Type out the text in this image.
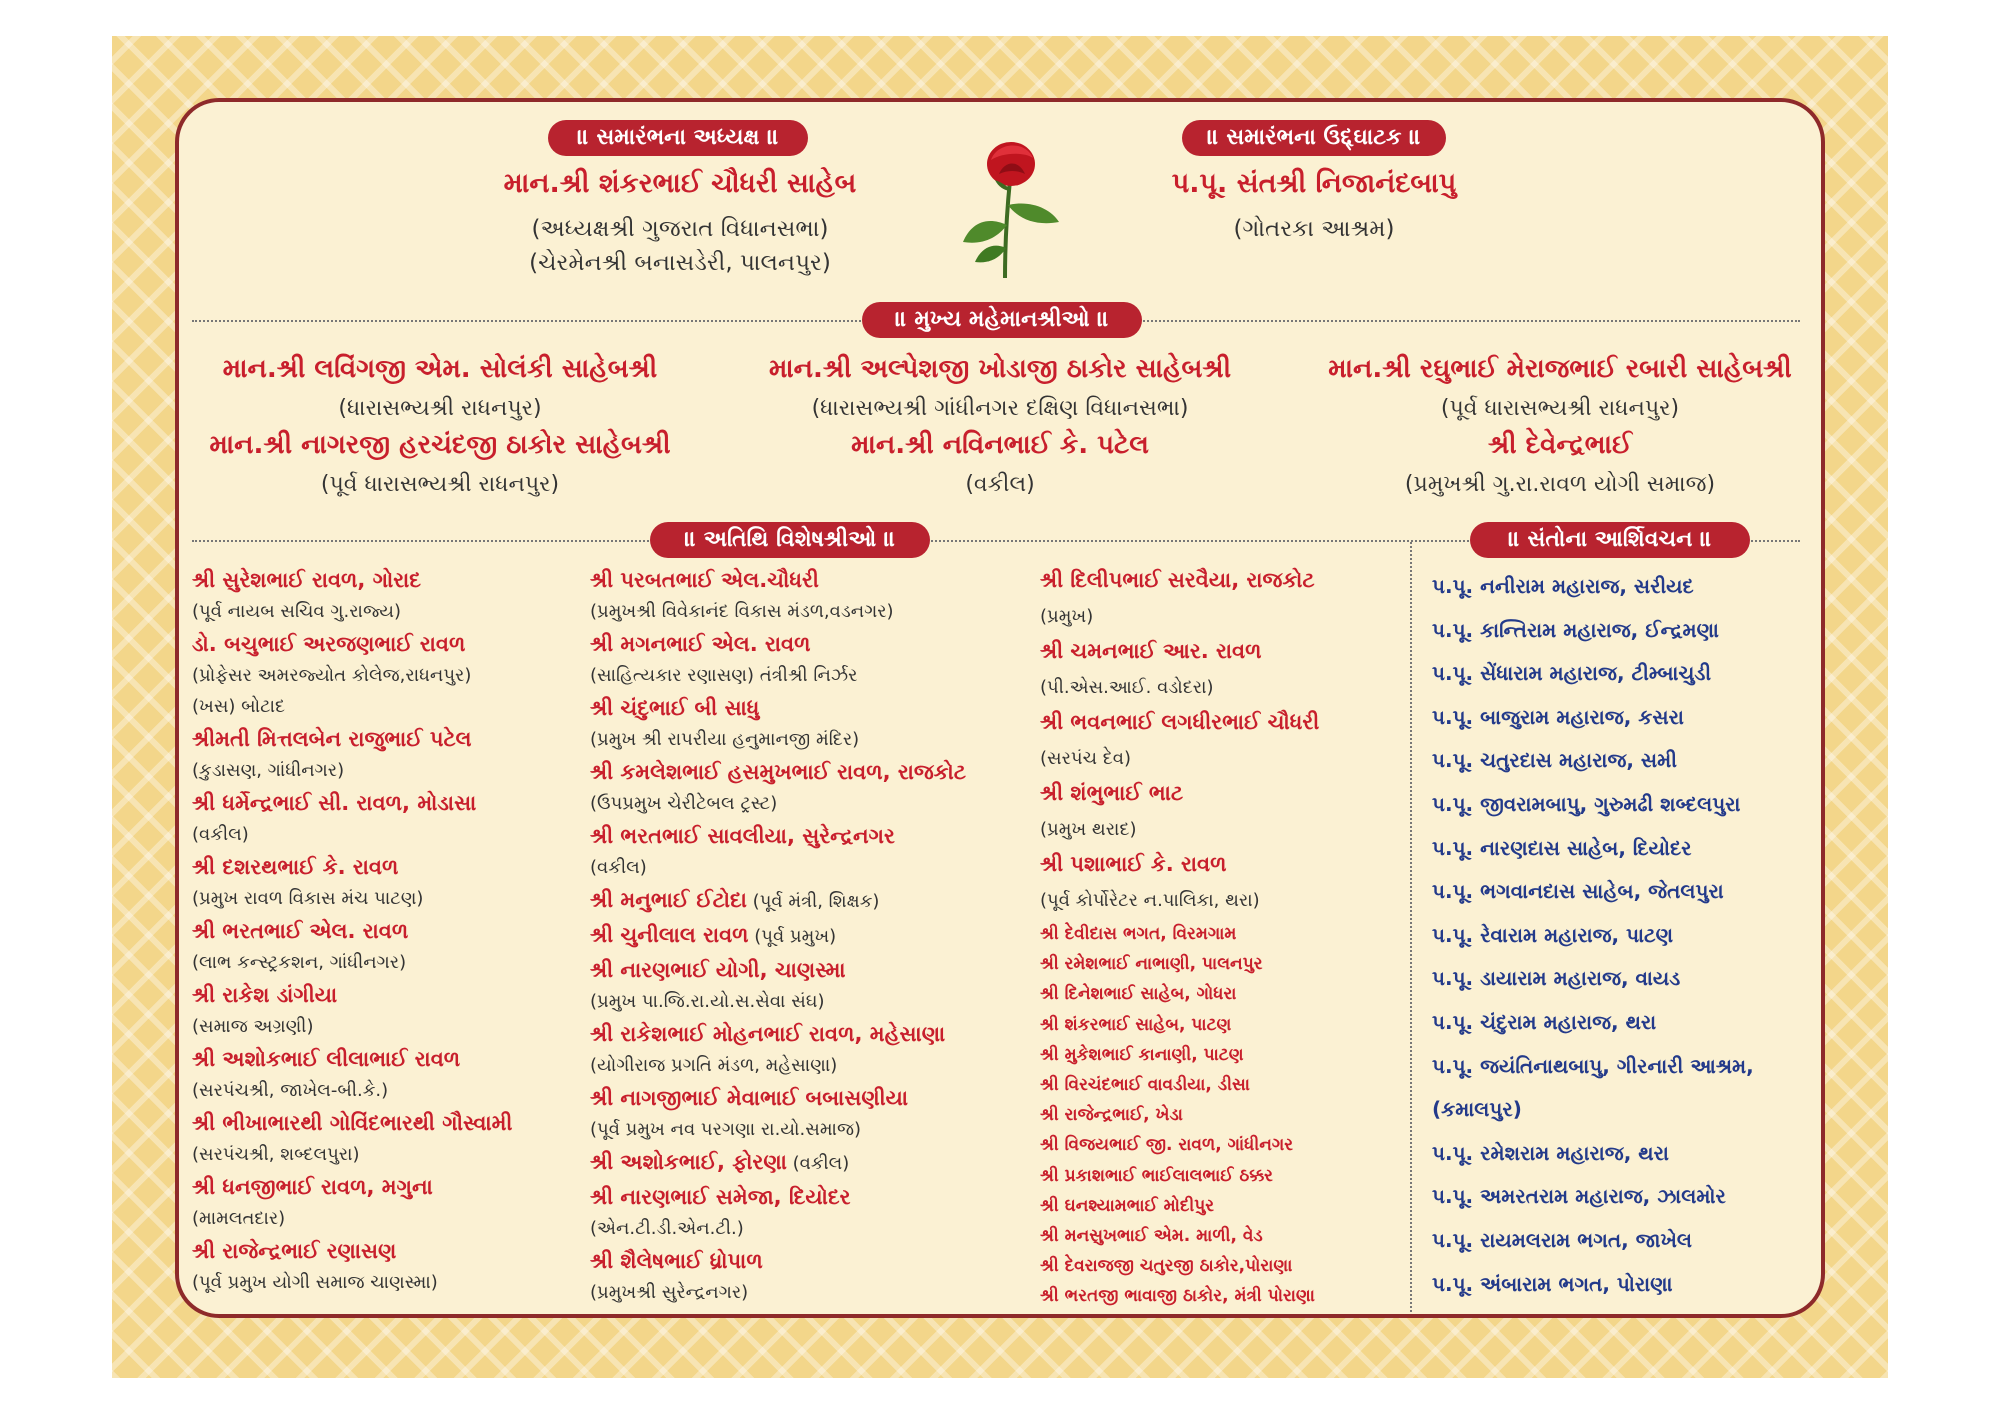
॥ સમારંભના અધ્યક્ષ ॥
માન.શ્રી શંકરભાઈ ચૌધરી સાહેબ
(અધ્યક્ષશ્રી ગુજરાત વિધાનસભા)
(ચેરમેનશ્રી બનાસડેરી, પાલનપુર)
॥ સમારંભના ઉદ્દ્ઘાટક ॥
પ.પૂ. સંતશ્રી નિજાનંદબાપુ
(ગોતરકા આશ્રમ)
॥ મુખ્ય મહેમાનશ્રીઓ ॥
માન.શ્રી લવિંગજી એમ. સોલંકી સાહેબશ્રી
(ધારાસભ્યશ્રી રાધનપુર)
માન.શ્રી અલ્પેશજી ખોડાજી ઠાકોર સાહેબશ્રી
(ધારાસભ્યશ્રી ગાંધીનગર દક્ષિણ વિધાનસભા)
માન.શ્રી રઘુભાઈ મેરાજભાઈ રબારી સાહેબશ્રી
(પૂર્વ ધારાસભ્યશ્રી રાધનપુર)
માન.શ્રી નાગરજી હરચંદજી ઠાકોર સાહેબશ્રી
(પૂર્વ ધારાસભ્યશ્રી રાધનપુર)
માન.શ્રી નવિનભાઈ કે. પટેલ
(વકીલ)
શ્રી દેવેન્દ્રભાઈ
(પ્રમુખશ્રી ગુ.રા.રાવળ યોગી સમાજ)
॥ અતિથિ વિશેષશ્રીઓ ॥	॥ સંતોના આર્શિવચન ॥
શ્રી સુરેશભાઈ રાવળ, ગોરાદ
(પૂર્વ નાયબ સચિવ ગુ.રાજ્ય)
ડો. બચુભાઈ અરજણભાઈ રાવળ
(પ્રોફેસર અમરજ્યોત કોલેજ,રાધનપુર)
(ખસ) બોટાદ
શ્રીમતી મિત્તલબેન રાજુભાઈ પટેલ
(કુડાસણ, ગાંધીનગર)
શ્રી ધર્મેન્દ્રભાઈ સી. રાવળ, મોડાસા
(વકીલ)
શ્રી દશરથભાઈ કે. રાવળ
(પ્રમુખ રાવળ વિકાસ મંચ પાટણ)
શ્રી ભરતભાઈ એલ. રાવળ
(લાભ કન્સ્ટ્રકશન, ગાંધીનગર)
શ્રી રાકેશ ડાંગીયા
(સમાજ અગ્રણી)
શ્રી અશોકભાઈ લીલાભાઈ રાવળ
(સરપંચશ્રી, જાખેલ-બી.કે.)
શ્રી ભીખાભારથી ગોવિંદભારથી ગૌસ્વામી
(સરપંચશ્રી, શબ્દલપુરા)
શ્રી ધનજીભાઈ રાવળ, મગુના
(મામલતદાર)
શ્રી રાજેન્દ્રભાઈ રણાસણ
(પૂર્વ પ્રમુખ યોગી સમાજ ચાણસ્મા)
શ્રી પરબતભાઈ એલ.ચૌધરી
(પ્રમુખશ્રી વિવેકાનંદ વિકાસ મંડળ,વડનગર)
શ્રી મગનભાઈ એલ. રાવળ
(સાહિત્યકાર રણાસણ) તંત્રીશ્રી નિર્ઝર
શ્રી ચંદુભાઈ બી સાધુ
(પ્રમુખ શ્રી રાપરીયા હનુમાનજી મંદિર)
શ્રી કમલેશભાઈ હસમુખભાઈ રાવળ, રાજકોટ
(ઉપપ્રમુખ ચેરીટેબલ ટ્રસ્ટ)
શ્રી ભરતભાઈ સાવલીયા, સુરેન્દ્રનગર
(વકીલ)
શ્રી મનુભાઈ ઈટોદા (પૂર્વ મંત્રી, શિક્ષક)
શ્રી ચુનીલાલ રાવળ (પૂર્વ પ્રમુખ)
શ્રી નારણભાઈ યોગી, ચાણસ્મા
(પ્રમુખ પા.જિ.રા.યો.સ.સેવા સંઘ)
શ્રી રાકેશભાઈ મોહનભાઈ રાવળ, મહેસાણા
(યોગીરાજ પ્રગતિ મંડળ, મહેસાણા)
શ્રી નાગજીભાઈ મેવાભાઈ બબાસણીયા
(પૂર્વ પ્રમુખ નવ પરગણા રા.યો.સમાજ)
શ્રી અશોકભાઈ, ફોરણા (વકીલ)
શ્રી નારણભાઈ સમેજા, દિયોદર
(એન.ટી.ડી.એન.ટી.)
શ્રી શૈલેષભાઈ ધ્રોપાળ
(પ્રમુખશ્રી સુરેન્દ્રનગર)
શ્રી દિલીપભાઈ સરવૈયા, રાજકોટ
(પ્રમુખ)
શ્રી ચમનભાઈ આર. રાવળ
(પી.એસ.આઈ. વડોદરા)
શ્રી ભવનભાઈ લગધીરભાઈ ચૌધરી
(સરપંચ દેવ)
શ્રી શંભુભાઈ ભાટ
(પ્રમુખ થરાદ)
શ્રી પશાભાઈ કે. રાવળ
(પૂર્વ કોર્પોરેટર ન.પાલિકા, થરા)
શ્રી દેવીદાસ ભગત, વિરમગામ
શ્રી રમેશભાઈ નાભાણી, પાલનપુર
શ્રી દિનેશભાઈ સાહેબ, ગોધરા
શ્રી શંકરભાઈ સાહેબ, પાટણ
શ્રી મુકેશભાઈ કાનાણી, પાટણ
શ્રી વિરચંદભાઈ વાવડીયા, ડીસા
શ્રી રાજેન્દ્રભાઈ, ખેડા
શ્રી વિજયભાઈ જી. રાવળ, ગાંધીનગર
શ્રી પ્રકાશભાઈ ભાઈલાલભાઈ ઠક્કર
શ્રી ઘનશ્યામભાઈ મોદીપુર
શ્રી મનસુખભાઈ એમ. માળી, વેડ
શ્રી દેવરાજજી ચતુરજી ઠાકોર,પોરાણા
શ્રી ભરતજી ભાવાજી ઠાકોર, મંત્રી પોરાણા
પ.પૂ. નનીરામ મહારાજ, સરીયદ
પ.પૂ. કાન્તિરામ મહારાજ, ઈન્દ્રમણા
પ.પૂ. સેંધારામ મહારાજ, ટીમ્બાચુડી
પ.પૂ. બાજુરામ મહારાજ, કસરા
પ.પૂ. ચતુરદાસ મહારાજ, સમી
પ.પૂ. જીવરામબાપુ, ગુરુમઢી શબ્દલપુરા
પ.પૂ. નારણદાસ સાહેબ, દિયોદર
પ.પૂ. ભગવાનદાસ સાહેબ, જેતલપુરા
પ.પૂ. રેવારામ મહારાજ, પાટણ
પ.પૂ. ડાયારામ મહારાજ, વાયડ
પ.પૂ. ચંદુરામ મહારાજ, થરા
પ.પૂ. જયંતિનાથબાપુ, ગીરનારી આશ્રમ,
(કમાલપુર)
પ.પૂ. રમેશરામ મહારાજ, થરા
પ.પૂ. અમરતરામ મહારાજ, ઝાલમોર
પ.પૂ. રાયમલરામ ભગત, જાખેલ
પ.પૂ. અંબારામ ભગત, પોરાણા
